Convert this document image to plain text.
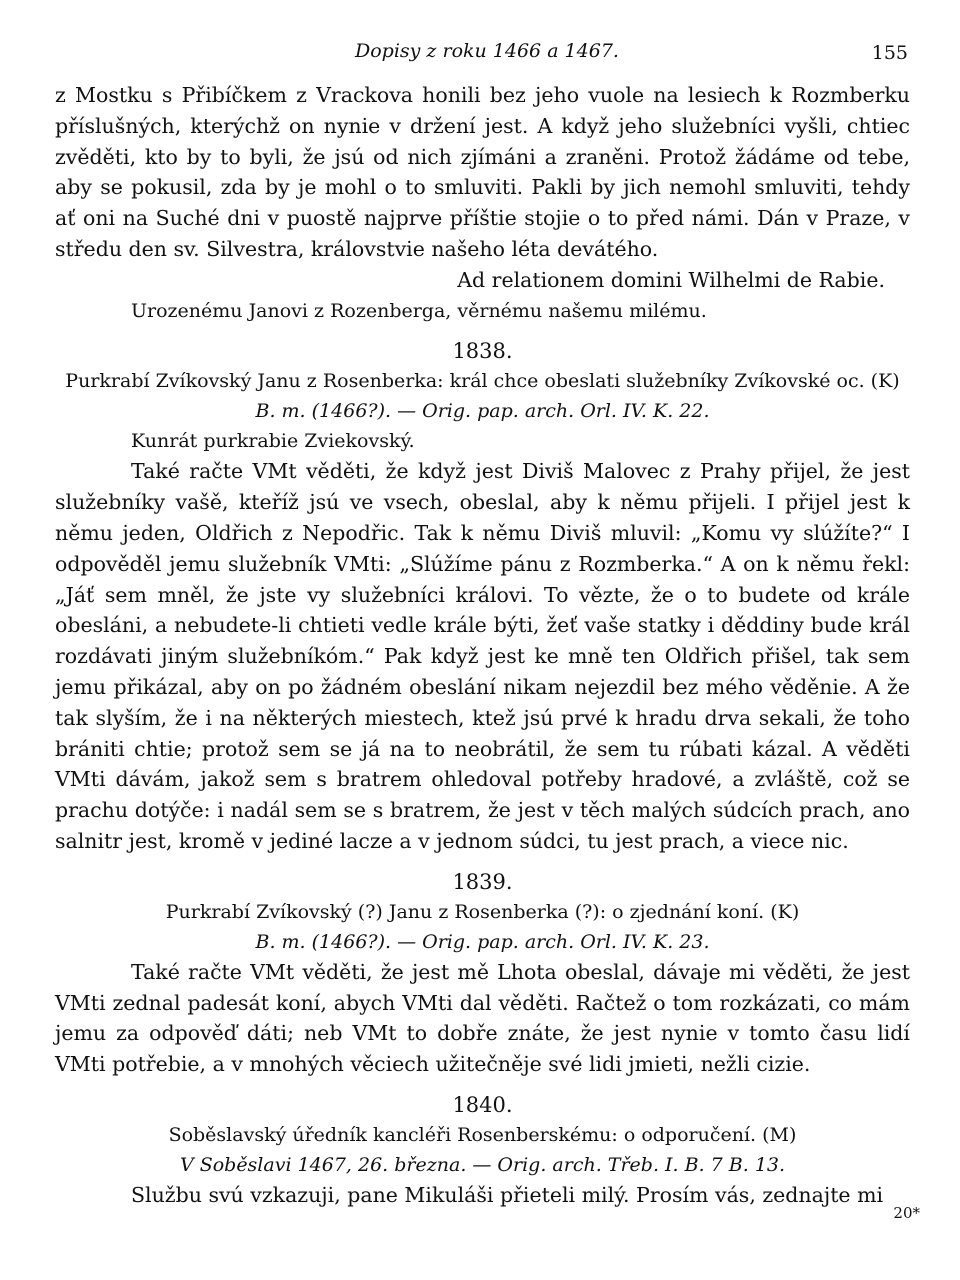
Dopisy z roku 1466 a 1467.	155

z Mostku s Přibíčkem z Vrackova honili bez jeho vuole na lesiech k Rozmberku příslušných, kterýchž on nynie v držení jest. A když jeho služebníci vyšli, chtiec zvěděti, kto by to byli, že jsú od nich zjímáni a zraněni. Protož žádáme od tebe, aby se pokusil, zda by je mohl o to smluviti. Pakli by jich nemohl smluviti, tehdy ať oni na Suché dni v puostě najprve příštie stojie o to před námi. Dán v Praze, v středu den sv. Silvestra, královstvie našeho léta devátého.

Ad relationem domini Wilhelmi de Rabie.

Urozenému Janovi z Rozenberga, věrnému našemu milému.

1838.

Purkrabí Zvíkovský Janu z Rosenberka: král chce obeslati služebníky Zvíkovské oc. (K)

B. m. (1466?). — Orig. pap. arch. Orl. IV. K. 22.

Kunrát purkrabie Zviekovský.

Také račte VMt věděti, že když jest Diviš Malovec z Prahy přijel, že jest služebníky vašě, kteříž jsú ve vsech, obeslal, aby k němu přijeli. I přijel jest k němu jeden, Oldřich z Nepodřic. Tak k němu Diviš mluvil: „Komu vy slúžíte?“ I odpověděl jemu služebník VMti: „Slúžíme pánu z Rozmberka.“ A on k němu řekl: „Jáť sem mněl, že jste vy služebníci královi. To vězte, že o to budete od krále obesláni, a nebudete-li chtieti vedle krále býti, žeť vaše statky i děddiny bude král rozdávati jiným služebníkóm.“ Pak když jest ke mně ten Oldřich přišel, tak sem jemu přikázal, aby on po žádném obeslání nikam nejezdil bez mého věděnie. A že tak slyším, že i na některých miestech, ktež jsú prvé k hradu drva sekali, že toho brániti chtie; protož sem se já na to neobrátil, že sem tu rúbati kázal. A věděti VMti dávám, jakož sem s bratrem ohledoval potřeby hradové, a zvláště, což se prachu dotýče: i nadál sem se s bratrem, že jest v těch malých súdcích prach, ano salnitr jest, kromě v jediné lacze a v jednom súdci, tu jest prach, a viece nic.

1839.

Purkrabí Zvíkovský (?) Janu z Rosenberka (?): o zjednání koní. (K)

B. m. (1466?). — Orig. pap. arch. Orl. IV. K. 23.

Také račte VMt věděti, že jest mě Lhota obeslal, dávaje mi věděti, že jest VMti zednal padesát koní, abych VMti dal věděti. Račtež o tom rozkázati, co mám jemu za odpověď dáti; neb VMt to dobře znáte, že jest nynie v tomto času lidí VMti potřebie, a v mnohých věciech užitečněje své lidi jmieti, nežli cizie.

1840.

Soběslavský úředník kancléři Rosenberskému: o odporučení. (M)

V Soběslavi 1467, 26. března. — Orig. arch. Třeb. I. B. 7 B. 13.

Službu svú vzkazuji, pane Mikuláši přieteli milý. Prosím vás, zednajte mi

20*
